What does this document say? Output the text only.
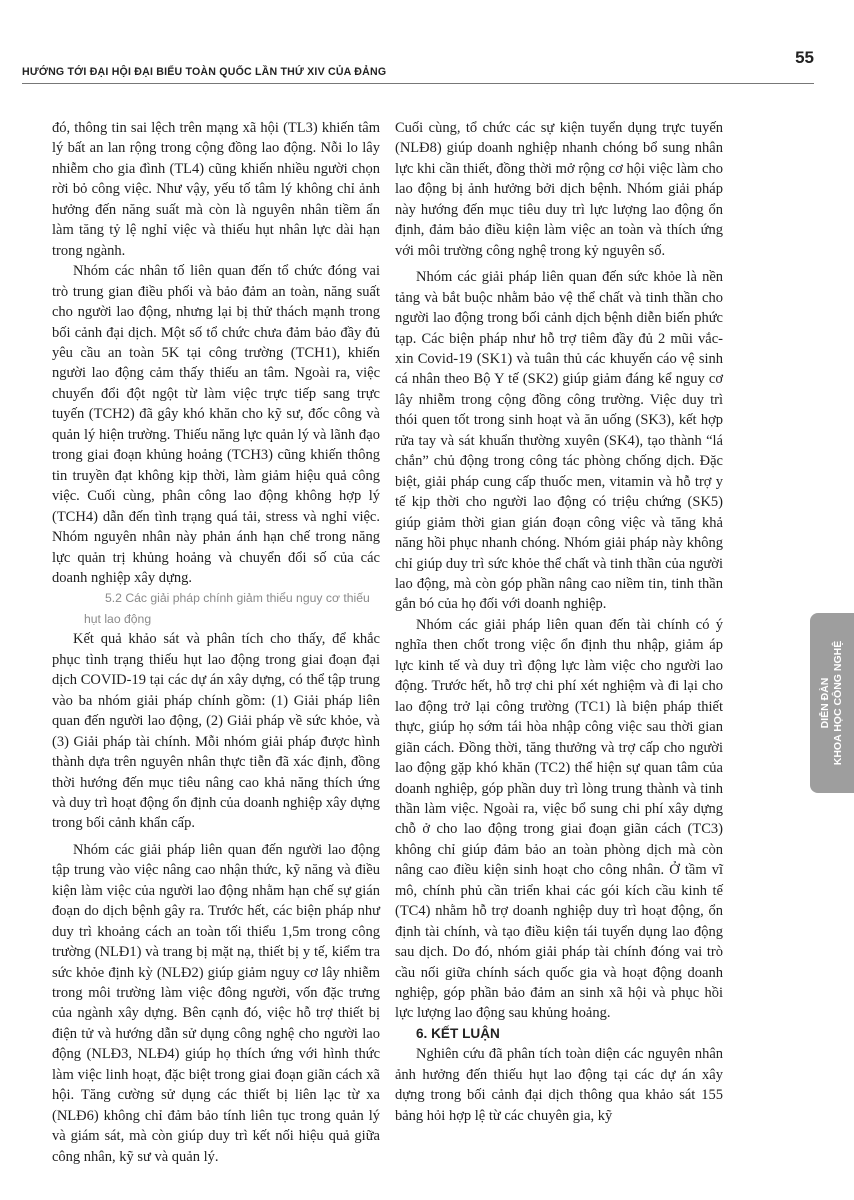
HƯỚNG TỚI ĐẠI HỘI ĐẠI BIỂU TOÀN QUỐC LẦN THỨ XIV CỦA ĐẢNG
55

đó, thông tin sai lệch trên mạng xã hội (TL3) khiến tâm lý bất an lan rộng trong cộng đồng lao động. Nỗi lo lây nhiễm cho gia đình (TL4) cũng khiến nhiều người chọn rời bỏ công việc. Như vậy, yếu tố tâm lý không chỉ ảnh hưởng đến năng suất mà còn là nguyên nhân tiềm ẩn làm tăng tỷ lệ nghỉ việc và thiếu hụt nhân lực dài hạn trong ngành.

Nhóm các nhân tố liên quan đến tổ chức đóng vai trò trung gian điều phối và bảo đảm an toàn, năng suất cho người lao động, nhưng lại bị thử thách mạnh trong bối cảnh đại dịch. Một số tổ chức chưa đảm bảo đầy đủ yêu cầu an toàn 5K tại công trường (TCH1), khiến người lao động cảm thấy thiếu an tâm. Ngoài ra, việc chuyển đổi đột ngột từ làm việc trực tiếp sang trực tuyến (TCH2) đã gây khó khăn cho kỹ sư, đốc công và quản lý hiện trường. Thiếu năng lực quản lý và lãnh đạo trong giai đoạn khủng hoảng (TCH3) cũng khiến thông tin truyền đạt không kịp thời, làm giảm hiệu quả công việc. Cuối cùng, phân công lao động không hợp lý (TCH4) dẫn đến tình trạng quá tải, stress và nghỉ việc. Nhóm nguyên nhân này phản ánh hạn chế trong năng lực quản trị khủng hoảng và chuyển đổi số của các doanh nghiệp xây dựng.

5.2 Các giải pháp chính giảm thiểu nguy cơ thiếu hụt lao động

Kết quả khảo sát và phân tích cho thấy, để khắc phục tình trạng thiếu hụt lao động trong giai đoạn đại dịch COVID-19 tại các dự án xây dựng, có thể tập trung vào ba nhóm giải pháp chính gồm: (1) Giải pháp liên quan đến người lao động, (2) Giải pháp về sức khỏe, và (3) Giải pháp tài chính. Mỗi nhóm giải pháp được hình thành dựa trên nguyên nhân thực tiễn đã xác định, đồng thời hướng đến mục tiêu nâng cao khả năng thích ứng và duy trì hoạt động ổn định của doanh nghiệp xây dựng trong bối cảnh khẩn cấp.

Nhóm các giải pháp liên quan đến người lao động tập trung vào việc nâng cao nhận thức, kỹ năng và điều kiện làm việc của người lao động nhằm hạn chế sự gián đoạn do dịch bệnh gây ra. Trước hết, các biện pháp như duy trì khoảng cách an toàn tối thiểu 1,5m trong công trường (NLĐ1) và trang bị mặt nạ, thiết bị y tế, kiểm tra sức khỏe định kỳ (NLĐ2) giúp giảm nguy cơ lây nhiễm trong môi trường làm việc đông người, vốn đặc trưng của ngành xây dựng. Bên cạnh đó, việc hỗ trợ thiết bị điện tử và hướng dẫn sử dụng công nghệ cho người lao động (NLĐ3, NLĐ4) giúp họ thích ứng với hình thức làm việc linh hoạt, đặc biệt trong giai đoạn giãn cách xã hội. Tăng cường sử dụng các thiết bị liên lạc từ xa (NLĐ6) không chỉ đảm bảo tính liên tục trong quản lý và giám sát, mà còn giúp duy trì kết nối hiệu quả giữa công nhân, kỹ sư và quản lý.

Cuối cùng, tổ chức các sự kiện tuyển dụng trực tuyến (NLĐ8) giúp doanh nghiệp nhanh chóng bổ sung nhân lực khi cần thiết, đồng thời mở rộng cơ hội việc làm cho lao động bị ảnh hưởng bởi dịch bệnh. Nhóm giải pháp này hướng đến mục tiêu duy trì lực lượng lao động ổn định, đảm bảo điều kiện làm việc an toàn và thích ứng với môi trường công nghệ trong kỷ nguyên số.

Nhóm các giải pháp liên quan đến sức khỏe là nền tảng và bắt buộc nhằm bảo vệ thể chất và tinh thần cho người lao động trong bối cảnh dịch bệnh diễn biến phức tạp. Các biện pháp như hỗ trợ tiêm đầy đủ 2 mũi vắc-xin Covid-19 (SK1) và tuân thủ các khuyến cáo vệ sinh cá nhân theo Bộ Y tế (SK2) giúp giảm đáng kể nguy cơ lây nhiễm trong cộng đồng công trường. Việc duy trì thói quen tốt trong sinh hoạt và ăn uống (SK3), kết hợp rửa tay và sát khuẩn thường xuyên (SK4), tạo thành “lá chắn” chủ động trong công tác phòng chống dịch. Đặc biệt, giải pháp cung cấp thuốc men, vitamin và hỗ trợ y tế kịp thời cho người lao động có triệu chứng (SK5) giúp giảm thời gian gián đoạn công việc và tăng khả năng hồi phục nhanh chóng. Nhóm giải pháp này không chỉ giúp duy trì sức khỏe thể chất và tinh thần của người lao động, mà còn góp phần nâng cao niềm tin, tinh thần gắn bó của họ đối với doanh nghiệp.

Nhóm các giải pháp liên quan đến tài chính có ý nghĩa then chốt trong việc ổn định thu nhập, giảm áp lực kinh tế và duy trì động lực làm việc cho người lao động. Trước hết, hỗ trợ chi phí xét nghiệm và đi lại cho lao động trở lại công trường (TC1) là biện pháp thiết thực, giúp họ sớm tái hòa nhập công việc sau thời gian giãn cách. Đồng thời, tăng thưởng và trợ cấp cho người lao động gặp khó khăn (TC2) thể hiện sự quan tâm của doanh nghiệp, góp phần duy trì lòng trung thành và tinh thần làm việc. Ngoài ra, việc bổ sung chi phí xây dựng chỗ ở cho lao động trong giai đoạn giãn cách (TC3) không chỉ giúp đảm bảo an toàn phòng dịch mà còn nâng cao điều kiện sinh hoạt cho công nhân. Ở tầm vĩ mô, chính phủ cần triển khai các gói kích cầu kinh tế (TC4) nhằm hỗ trợ doanh nghiệp duy trì hoạt động, ổn định tài chính, và tạo điều kiện tái tuyển dụng lao động sau dịch. Do đó, nhóm giải pháp tài chính đóng vai trò cầu nối giữa chính sách quốc gia và hoạt động doanh nghiệp, góp phần bảo đảm an sinh xã hội và phục hồi lực lượng lao động sau khủng hoảng.

6. KẾT LUẬN

Nghiên cứu đã phân tích toàn diện các nguyên nhân ảnh hưởng đến thiếu hụt lao động tại các dự án xây dựng trong bối cảnh đại dịch thông qua khảo sát 155 bảng hỏi hợp lệ từ các chuyên gia, kỹ

DIỄN ĐÀN KHOA HỌC CÔNG NGHỆ
